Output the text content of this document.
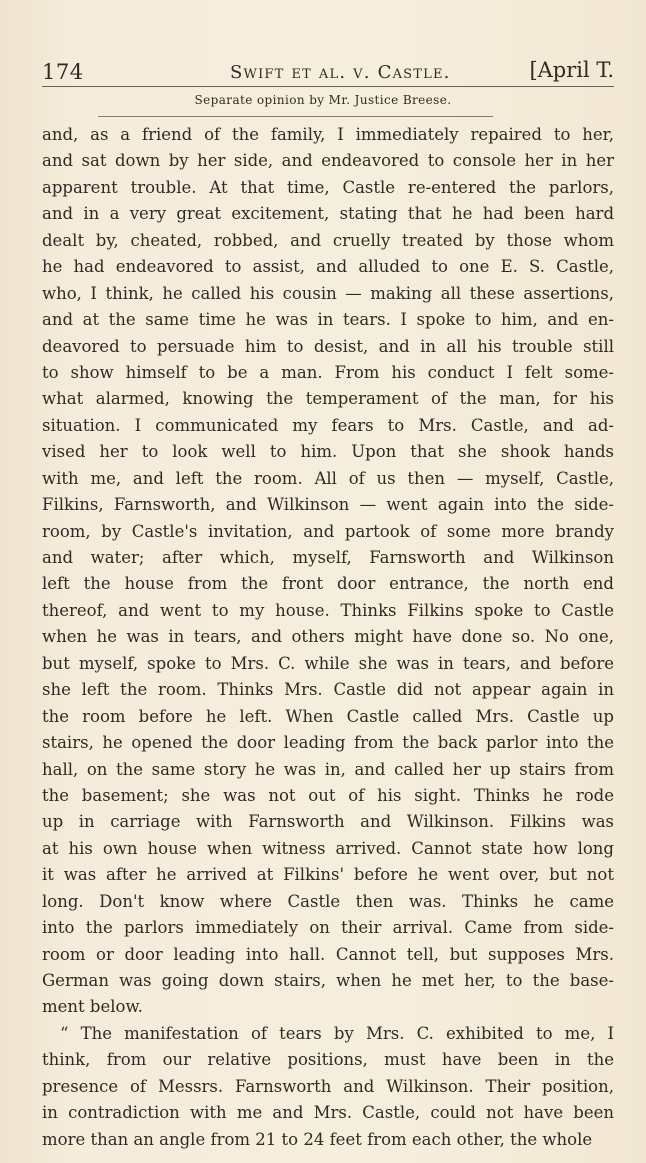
174	Swift et al. v. Castle.	[April T.
Separate opinion by Mr. Justice Breese.
and, as a friend of the family, I immediately repaired to her,
and sat down by her side, and endeavored to console her in her
apparent trouble. At that time, Castle re-entered the parlors,
and in a very great excitement, stating that he had been hard
dealt by, cheated, robbed, and cruelly treated by those whom
he had endeavored to assist, and alluded to one E. S. Castle,
who, I think, he called his cousin — making all these assertions,
and at the same time he was in tears. I spoke to him, and en-
deavored to persuade him to desist, and in all his trouble still
to show himself to be a man. From his conduct I felt some-
what alarmed, knowing the temperament of the man, for his
situation. I communicated my fears to Mrs. Castle, and ad-
vised her to look well to him. Upon that she shook hands
with me, and left the room. All of us then — myself, Castle,
Filkins, Farnsworth, and Wilkinson — went again into the side-
room, by Castle's invitation, and partook of some more brandy
and water; after which, myself, Farnsworth and Wilkinson
left the house from the front door entrance, the north end
thereof, and went to my house. Thinks Filkins spoke to Castle
when he was in tears, and others might have done so. No one,
but myself, spoke to Mrs. C. while she was in tears, and before
she left the room. Thinks Mrs. Castle did not appear again in
the room before he left. When Castle called Mrs. Castle up
stairs, he opened the door leading from the back parlor into the
hall, on the same story he was in, and called her up stairs from
the basement; she was not out of his sight. Thinks he rode
up in carriage with Farnsworth and Wilkinson. Filkins was
at his own house when witness arrived. Cannot state how long
it was after he arrived at Filkins' before he went over, but not
long. Don't know where Castle then was. Thinks he came
into the parlors immediately on their arrival. Came from side-
room or door leading into hall. Cannot tell, but supposes Mrs.
German was going down stairs, when he met her, to the base-
ment below.
“ The manifestation of tears by Mrs. C. exhibited to me, I
think, from our relative positions, must have been in the
presence of Messrs. Farnsworth and Wilkinson. Their position,
in contradiction with me and Mrs. Castle, could not have been
more than an angle from 21 to 24 feet from each other, the whole
